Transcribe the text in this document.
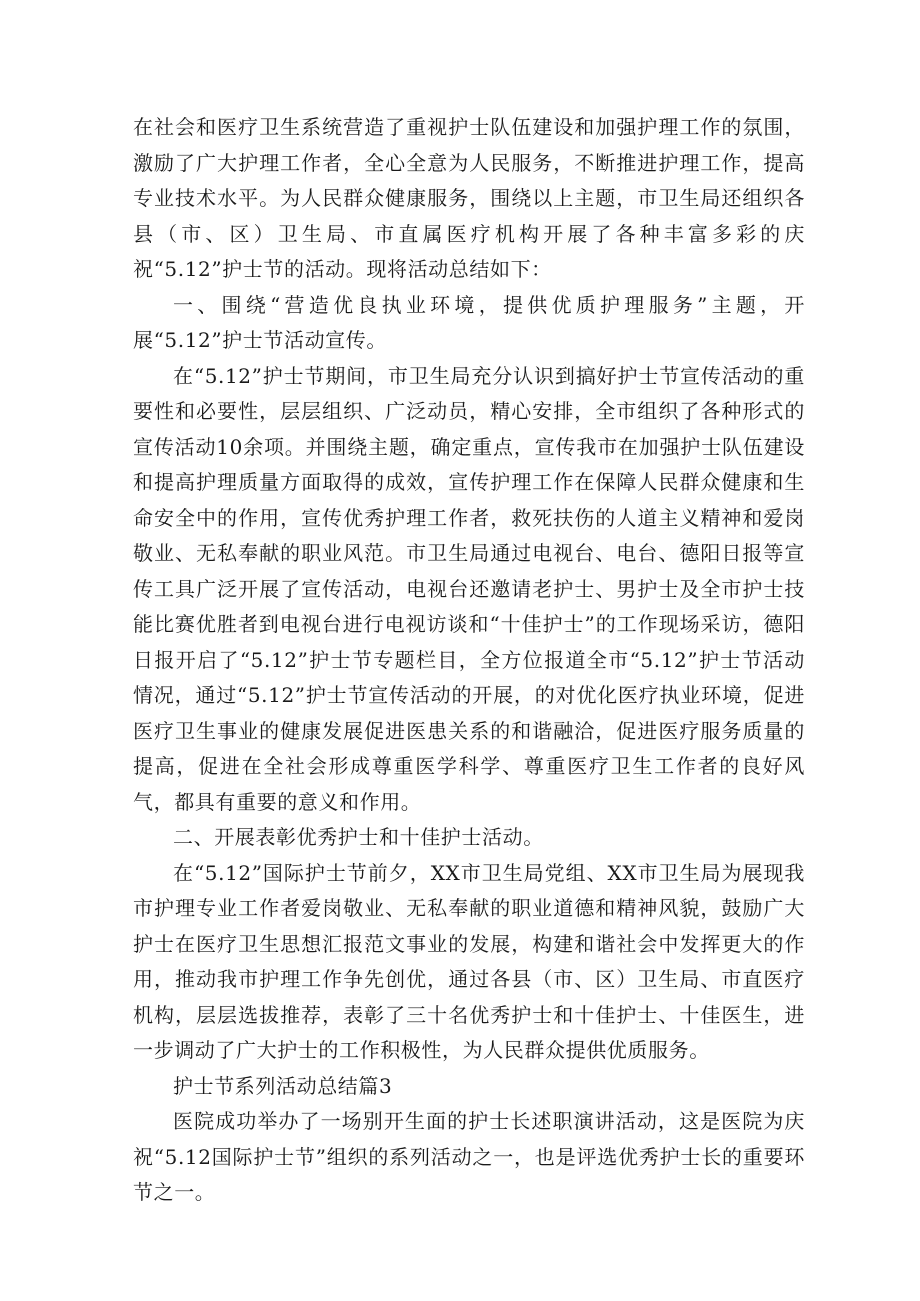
在社会和医疗卫生系统营造了重视护士队伍建设和加强护理工作的氛围，激励了广大护理工作者，全心全意为人民服务，不断推进护理工作，提高专业技术水平。为人民群众健康服务，围绕以上主题，市卫生局还组织各县（市、区）卫生局、市直属医疗机构开展了各种丰富多彩的庆祝“5.12”护士节的活动。现将活动总结如下：

一、围绕“营造优良执业环境，提供优质护理服务”主题，开展“5.12”护士节活动宣传。

在“5.12”护士节期间，市卫生局充分认识到搞好护士节宣传活动的重要性和必要性，层层组织、广泛动员，精心安排，全市组织了各种形式的宣传活动10余项。并围绕主题，确定重点，宣传我市在加强护士队伍建设和提高护理质量方面取得的成效，宣传护理工作在保障人民群众健康和生命安全中的作用，宣传优秀护理工作者，救死扶伤的人道主义精神和爱岗敬业、无私奉献的职业风范。市卫生局通过电视台、电台、德阳日报等宣传工具广泛开展了宣传活动，电视台还邀请老护士、男护士及全市护士技能比赛优胜者到电视台进行电视访谈和“十佳护士”的工作现场采访，德阳日报开启了“5.12”护士节专题栏目，全方位报道全市“5.12”护士节活动情况，通过“5.12”护士节宣传活动的开展，的对优化医疗执业环境，促进医疗卫生事业的健康发展促进医患关系的和谐融洽，促进医疗服务质量的提高，促进在全社会形成尊重医学科学、尊重医疗卫生工作者的良好风气，都具有重要的意义和作用。

二、开展表彰优秀护士和十佳护士活动。

在“5.12”国际护士节前夕，XX市卫生局党组、XX市卫生局为展现我市护理专业工作者爱岗敬业、无私奉献的职业道德和精神风貌，鼓励广大护士在医疗卫生思想汇报范文事业的发展，构建和谐社会中发挥更大的作用，推动我市护理工作争先创优，通过各县（市、区）卫生局、市直医疗机构，层层选拔推荐，表彰了三十名优秀护士和十佳护士、十佳医生，进一步调动了广大护士的工作积极性，为人民群众提供优质服务。

护士节系列活动总结篇3

医院成功举办了一场别开生面的护士长述职演讲活动，这是医院为庆祝“5.12国际护士节”组织的系列活动之一，也是评选优秀护士长的重要环节之一。
